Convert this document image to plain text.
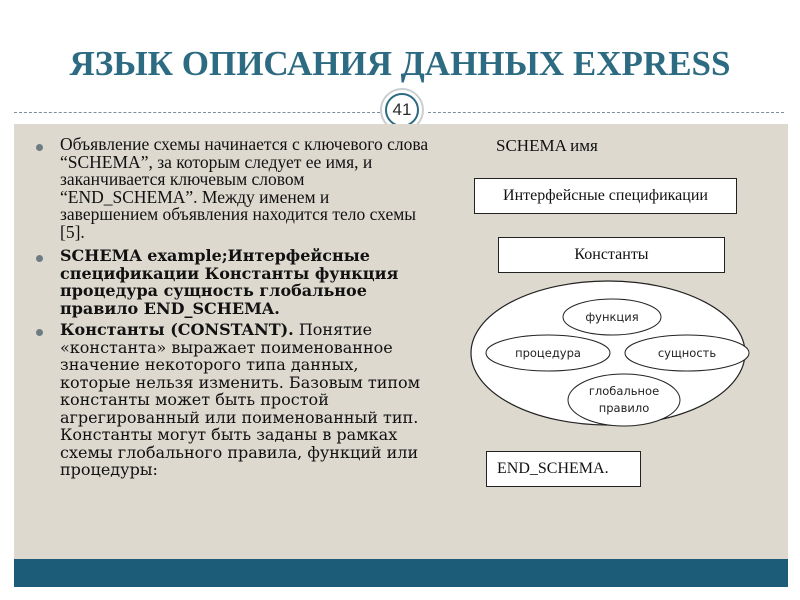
ЯЗЫК ОПИСАНИЯ ДАННЫХ EXPRESS
41

Объявление схемы начинается с ключевого слова “SCHEMA”, за которым следует ее имя, и заканчивается ключевым словом “END_SCHEMA”. Между именем и завершением объявления находится тело схемы [5].

SCHEMA example;Интерфейсные спецификации Константы функция процедура сущность глобальное правило END_SCHEMA.

Константы (CONSTANT). Понятие «константа» выражает поименованное значение некоторого типа данных, которые нельзя изменить. Базовым типом константы может быть простой агрегированный или поименованный тип. Константы могут быть заданы в рамках схемы глобального правила, функций или процедуры:

SCHEMA имя
Интерфейсные спецификации
Константы
функция
процедура	сущность
глобальное
правило
END_SCHEMA.
